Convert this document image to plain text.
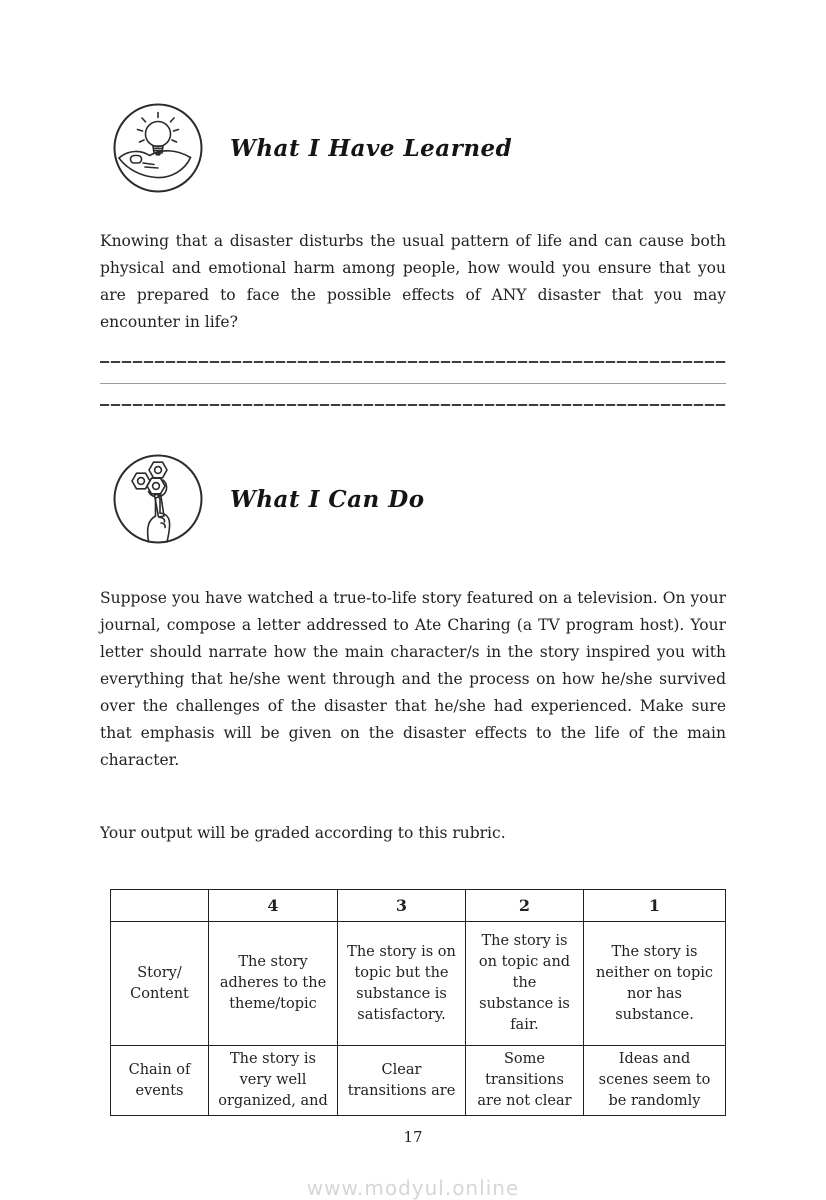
What I Have Learned

Knowing that a disaster disturbs the usual pattern of life and can cause both physical and emotional harm among people, how would you ensure that you are prepared to face the possible effects of ANY disaster that you may encounter in life?

What I Can Do

Suppose you have watched a true-to-life story featured on a television. On your journal, compose a letter addressed to Ate Charing (a TV program host). Your letter should narrate how the main character/s in the story inspired you with everything that he/she went through and the process on how he/she survived over the challenges of the disaster that he/she had experienced. Make sure that emphasis will be given on the disaster effects to the life of the main character.

Your output will be graded according to this rubric.

	4	3	2	1
Story/ Content	The story adheres to the theme/topic	The story is on topic but the substance is satisfactory.	The story is on topic and the substance is fair.	The story is neither on topic nor has substance.
Chain of events	The story is very well organized, and	Clear transitions are	Some transitions are not clear	Ideas and scenes seem to be randomly
17
www.modyul.online
